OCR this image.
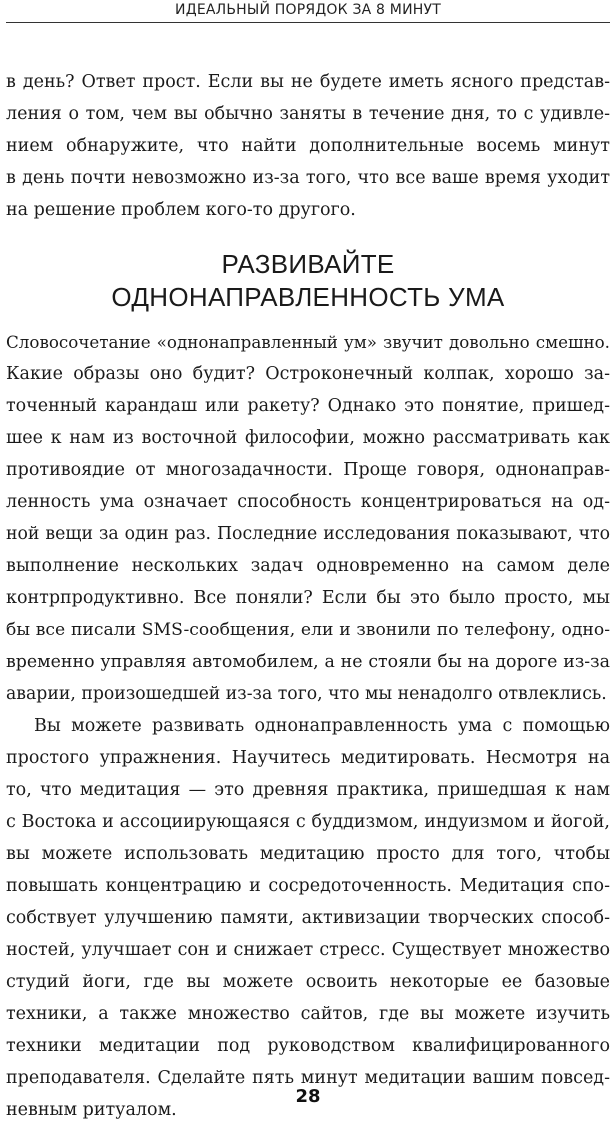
ИДЕАЛЬНЫЙ ПОРЯДОК ЗА 8 МИНУТ
в день? Ответ прост. Если вы не будете иметь ясного представ-
ления о том, чем вы обычно заняты в течение дня, то с удивле-
нием обнаружите, что найти дополнительные восемь минут
в день почти невозможно из-за того, что все ваше время уходит
на решение проблем кого-то другого.
РАЗВИВАЙТЕ
ОДНОНАПРАВЛЕННОСТЬ УМА
Словосочетание «однонаправленный ум» звучит довольно смешно.
Какие образы оно будит? Остроконечный колпак, хорошо за-
точенный карандаш или ракету? Однако это понятие, пришед-
шее к нам из восточной философии, можно рассматривать как
противоядие от многозадачности. Проще говоря, однонаправ-
ленность ума означает способность концентрироваться на од-
ной вещи за один раз. Последние исследования показывают, что
выполнение нескольких задач одновременно на самом деле
контрпродуктивно. Все поняли? Если бы это было просто, мы
бы все писали SMS-сообщения, ели и звонили по телефону, одно-
временно управляя автомобилем, а не стояли бы на дороге из-за
аварии, произошедшей из-за того, что мы ненадолго отвлеклись.
Вы можете развивать однонаправленность ума с помощью
простого упражнения. Научитесь медитировать. Несмотря на
то, что медитация — это древняя практика, пришедшая к нам
с Востока и ассоциирующаяся с буддизмом, индуизмом и йогой,
вы можете использовать медитацию просто для того, чтобы
повышать концентрацию и сосредоточенность. Медитация спо-
собствует улучшению памяти, активизации творческих способ-
ностей, улучшает сон и снижает стресс. Существует множество
студий йоги, где вы можете освоить некоторые ее базовые
техники, а также множество сайтов, где вы можете изучить
техники медитации под руководством квалифицированного
преподавателя. Сделайте пять минут медитации вашим повсед-
невным ритуалом.
28
